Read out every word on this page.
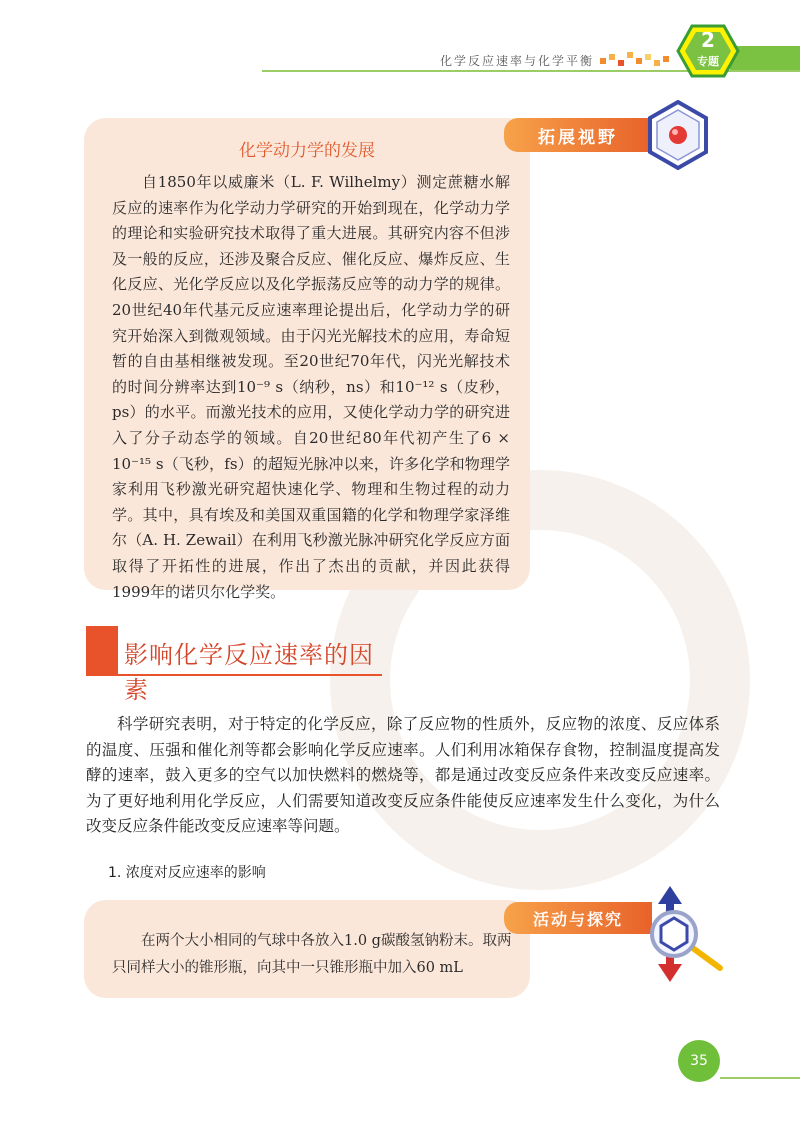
化学反应速率与化学平衡
2
专题
化学动力学的发展
自1850年以威廉米（L. F. Wilhelmy）测定蔗糖水解反应的速率作为化学动力学研究的开始到现在，化学动力学的理论和实验研究技术取得了重大进展。其研究内容不但涉及一般的反应，还涉及聚合反应、催化反应、爆炸反应、生化反应、光化学反应以及化学振荡反应等的动力学的规律。20世纪40年代基元反应速率理论提出后，化学动力学的研究开始深入到微观领域。由于闪光光解技术的应用，寿命短暂的自由基相继被发现。至20世纪70年代，闪光光解技术的时间分辨率达到10⁻⁹ s（纳秒，ns）和10⁻¹² s（皮秒，ps）的水平。而激光技术的应用，又使化学动力学的研究进入了分子动态学的领域。自20世纪80年代初产生了6 × 10⁻¹⁵ s（飞秒，fs）的超短光脉冲以来，许多化学和物理学家利用飞秒激光研究超快速化学、物理和生物过程的动力学。其中，具有埃及和美国双重国籍的化学和物理学家泽维尔（A. H. Zewail）在利用飞秒激光脉冲研究化学反应方面取得了开拓性的进展，作出了杰出的贡献，并因此获得1999年的诺贝尔化学奖。
拓展视野
影响化学反应速率的因素
科学研究表明，对于特定的化学反应，除了反应物的性质外，反应物的浓度、反应体系的温度、压强和催化剂等都会影响化学反应速率。人们利用冰箱保存食物，控制温度提高发酵的速率，鼓入更多的空气以加快燃料的燃烧等，都是通过改变反应条件来改变反应速率。为了更好地利用化学反应，人们需要知道改变反应条件能使反应速率发生什么变化，为什么改变反应条件能改变反应速率等问题。
1. 浓度对反应速率的影响
在两个大小相同的气球中各放入1.0 g碳酸氢钠粉末。取两只同样大小的锥形瓶，向其中一只锥形瓶中加入60 mL
活动与探究
35
